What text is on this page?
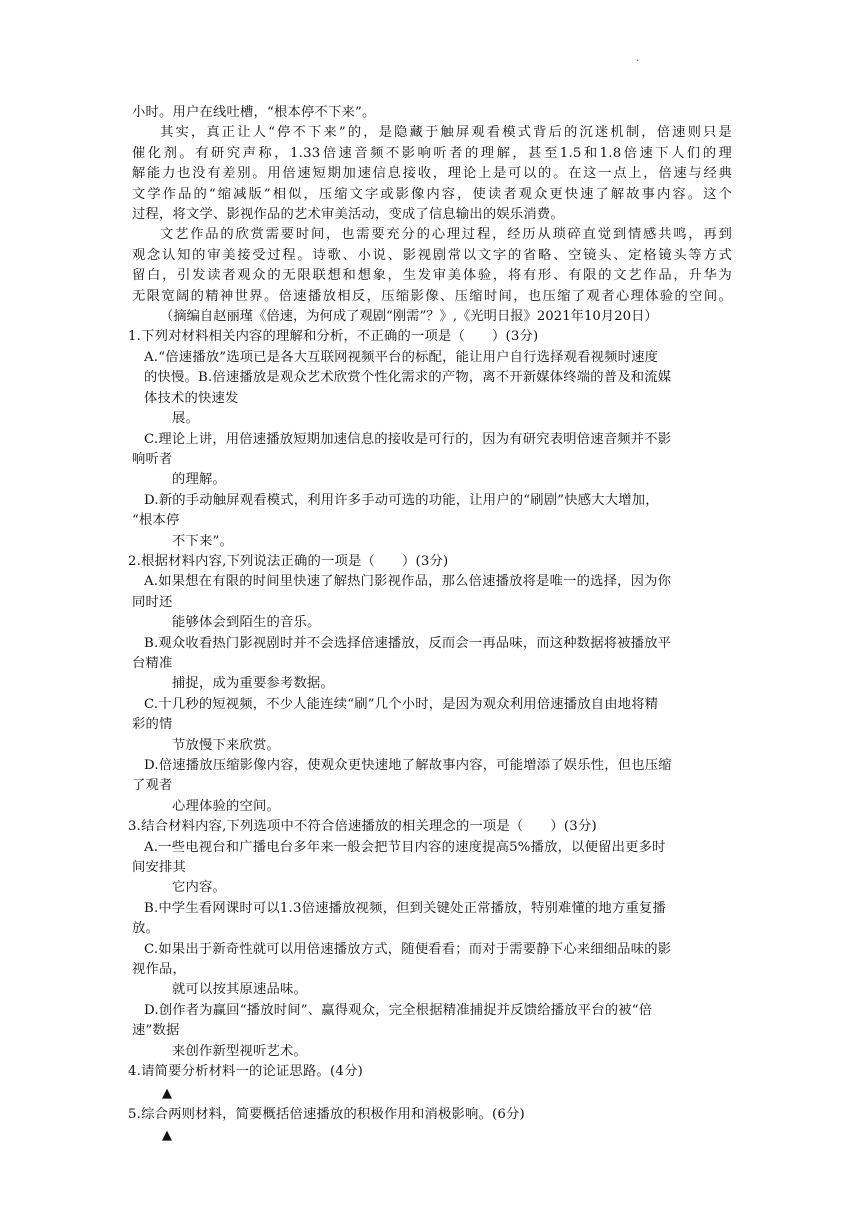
·
小时。用户在线吐槽，“根本停不下来”。
其实，真正让人“停不下来”的，是隐藏于触屏观看模式背后的沉迷机制，倍速则只是
催化剂。有研究声称，1.33倍速音频不影响听者的理解，甚至1.5和1.8倍速下人们的理
解能力也没有差别。用倍速短期加速信息接收，理论上是可以的。在这一点上，倍速与经典
文学作品的“缩减版”相似，压缩文字或影像内容，使读者观众更快速了解故事内容。这个
过程，将文学、影视作品的艺术审美活动，变成了信息输出的娱乐消费。
文艺作品的欣赏需要时间，也需要充分的心理过程，经历从琐碎直觉到情感共鸣，再到
观念认知的审美接受过程。诗歌、小说、影视剧常以文字的省略、空镜头、定格镜头等方式
留白，引发读者观众的无限联想和想象，生发审美体验，将有形、有限的文艺作品，升华为
无限宽阔的精神世界。倍速播放相反，压缩影像、压缩时间，也压缩了观者心理体验的空间。
（摘编自赵丽瑾《倍速，为何成了观剧“刚需”？》,《光明日报》2021年10月20日）
1.下列对材料相关内容的理解和分析，不正确的一项是（　　）(3分)
A.“倍速播放”选项已是各大互联网视频平台的标配，能让用户自行选择观看视频时速度
的快慢。B.倍速播放是观众艺术欣赏个性化需求的产物，离不开新媒体终端的普及和流媒
体技术的快速发
展。
C.理论上讲，用倍速播放短期加速信息的接收是可行的，因为有研究表明倍速音频并不影
响听者
的理解。
D.新的手动触屏观看模式，利用许多手动可选的功能，让用户的“刷剧”快感大大增加，
“根本停
不下来”。
2.根据材料内容,下列说法正确的一项是（　　）(3分)
A.如果想在有限的时间里快速了解热门影视作品，那么倍速播放将是唯一的选择，因为你
同时还
能够体会到陌生的音乐。
B.观众收看热门影视剧时并不会选择倍速播放，反而会一再品味，而这种数据将被播放平
台精准
捕捉，成为重要参考数据。
C.十几秒的短视频，不少人能连续“刷”几个小时，是因为观众利用倍速播放自由地将精
彩的情
节放慢下来欣赏。
D.倍速播放压缩影像内容，使观众更快速地了解故事内容，可能增添了娱乐性，但也压缩
了观者
心理体验的空间。
3.结合材料内容,下列选项中不符合倍速播放的相关理念的一项是（　　）(3分)
A.一些电视台和广播电台多年来一般会把节目内容的速度提高5%播放，以便留出更多时
间安排其
它内容。
B.中学生看网课时可以1.3倍速播放视频，但到关键处正常播放，特别难懂的地方重复播
放。
C.如果出于新奇性就可以用倍速播放方式，随便看看；而对于需要静下心来细细品味的影
视作品，
就可以按其原速品味。
D.创作者为赢回“播放时间”、赢得观众，完全根据精准捕捉并反馈给播放平台的被“倍
速”数据
来创作新型视听艺术。
4.请简要分析材料一的论证思路。(4分)
▲
5.综合两则材料，简要概括倍速播放的积极作用和消极影响。(6分)
▲
